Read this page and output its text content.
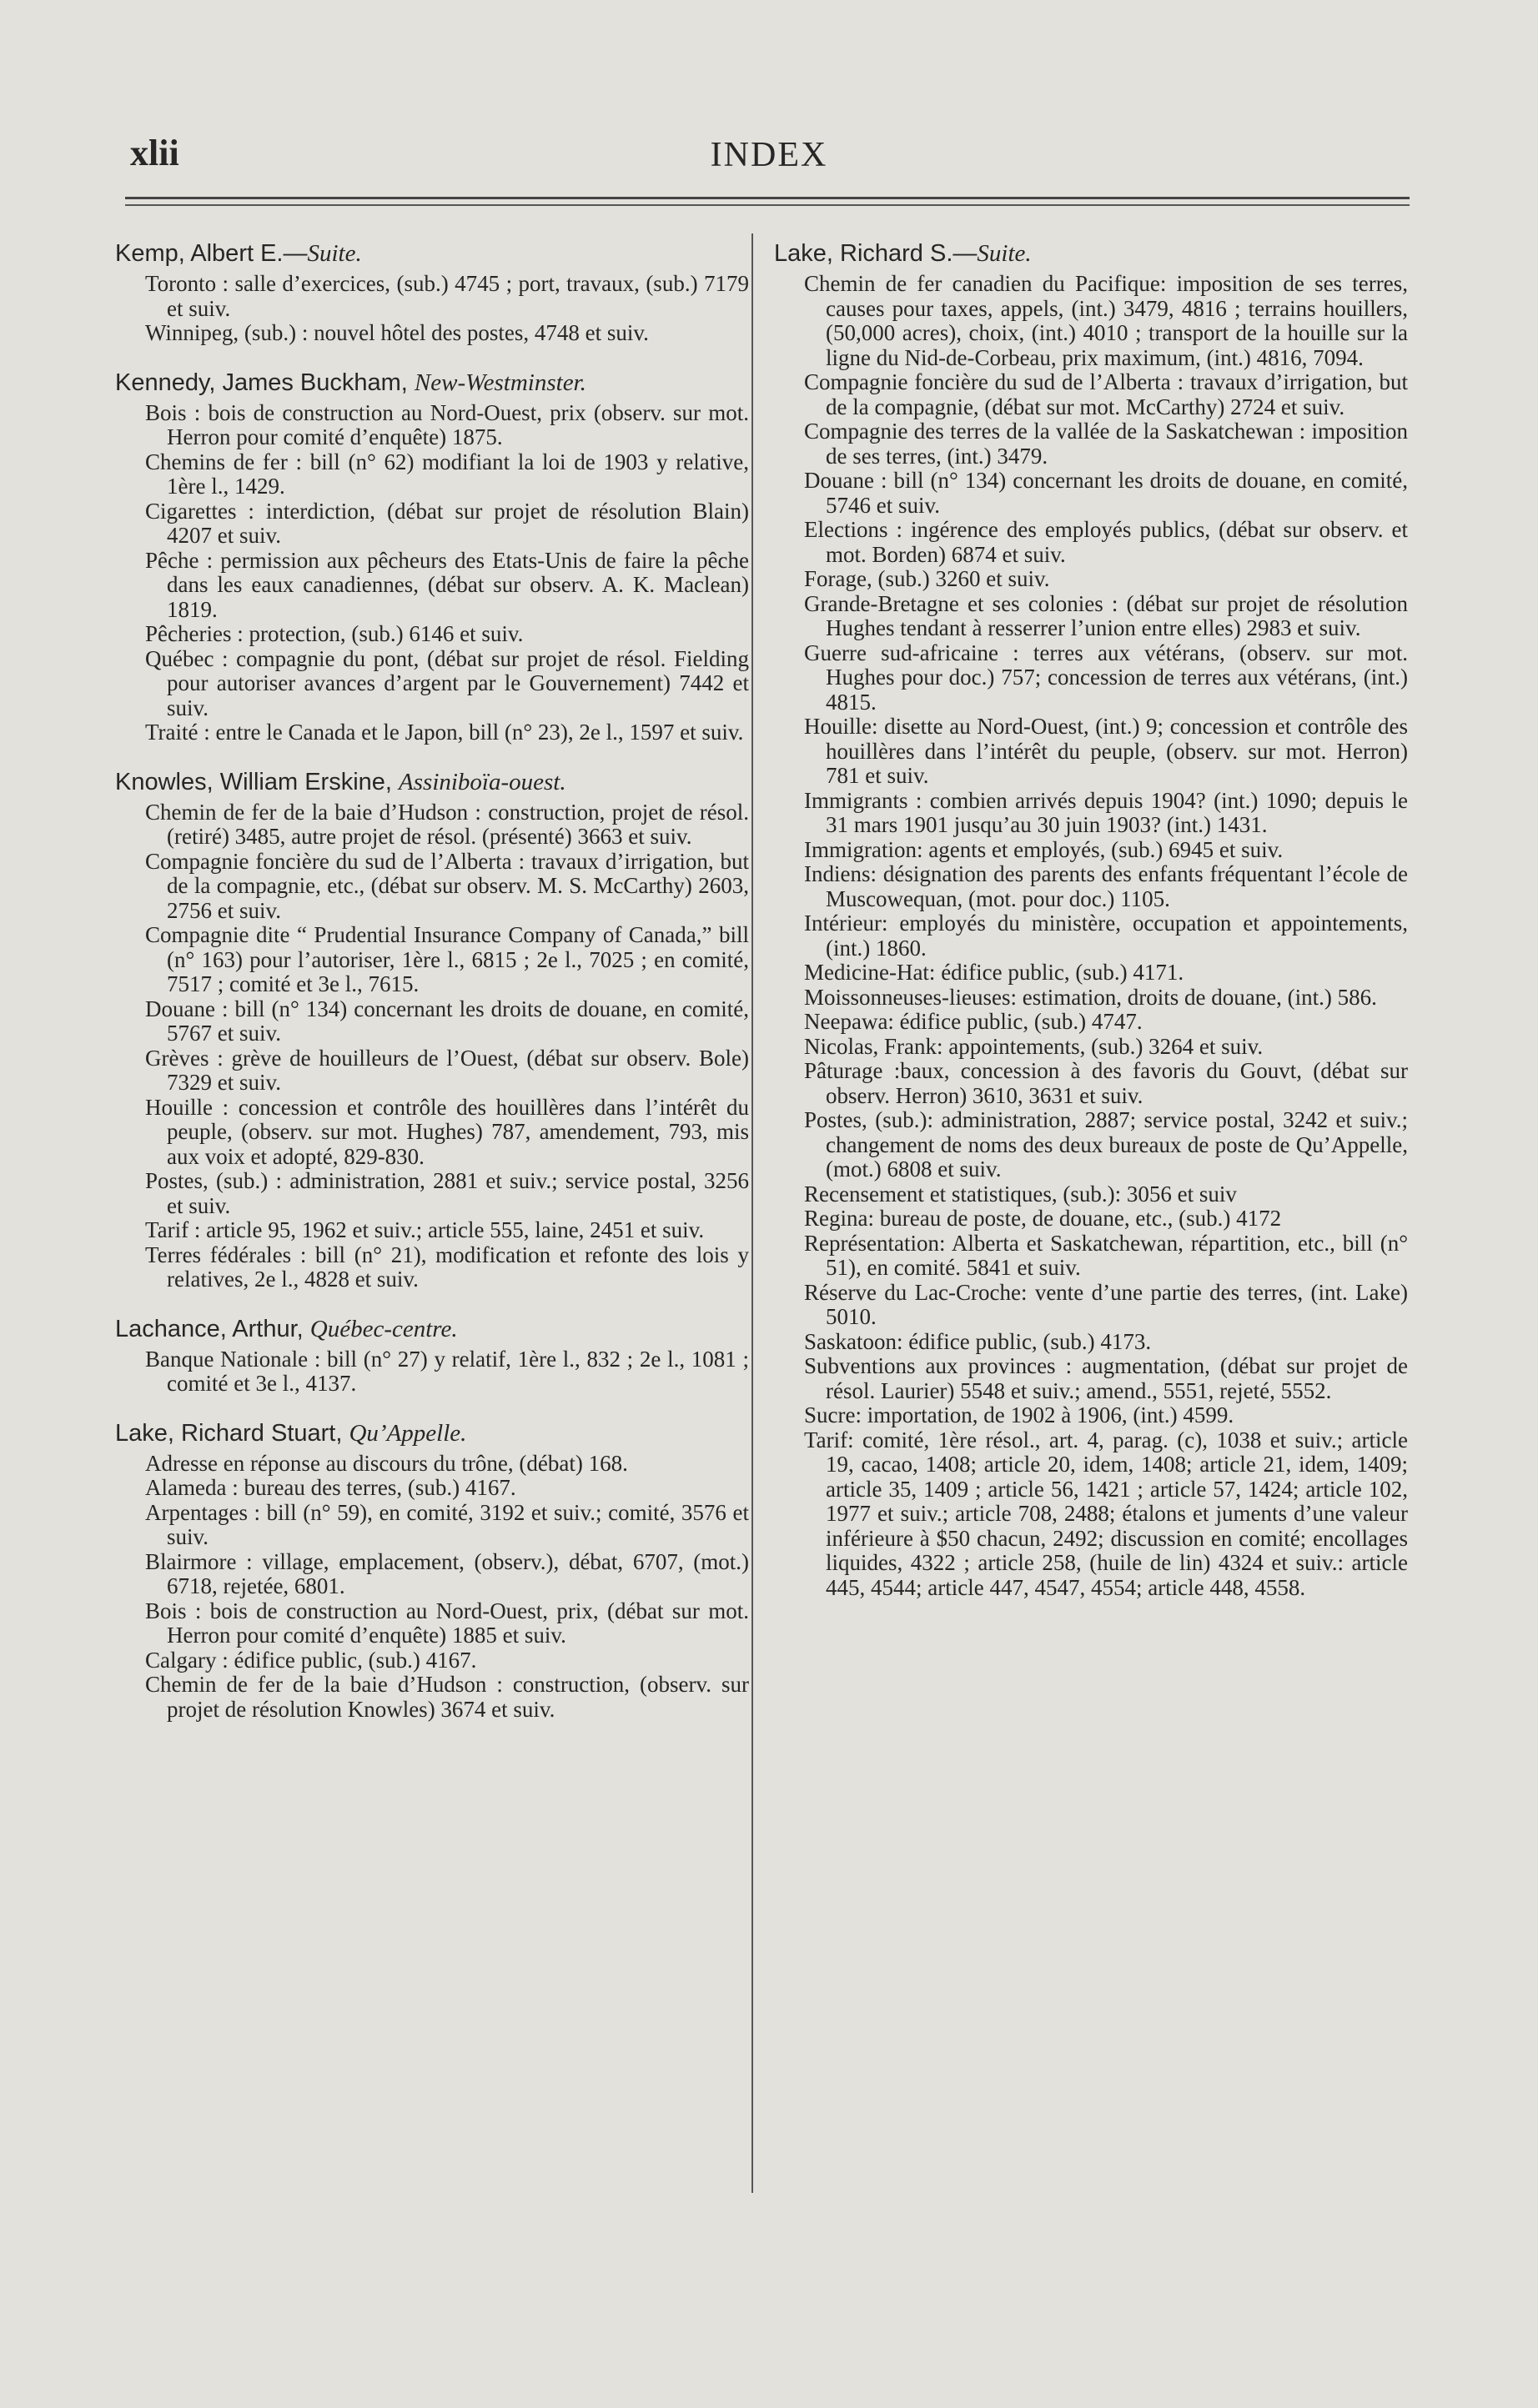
xlii	INDEX
Kemp, Albert E.—Suite.
Toronto : salle d’exercices, (sub.) 4745 ; port, travaux, (sub.) 7179 et suiv.
Winnipeg, (sub.) : nouvel hôtel des postes, 4748 et suiv.
Kennedy, James Buckham, New-Westminster.
Bois : bois de construction au Nord-Ouest, prix (observ. sur mot. Herron pour comité d’enquête) 1875.
Chemins de fer : bill (n° 62) modifiant la loi de 1903 y relative, 1ère l., 1429.
Cigarettes : interdiction, (débat sur projet de résolution Blain) 4207 et suiv.
Pêche : permission aux pêcheurs des Etats-Unis de faire la pêche dans les eaux canadiennes, (débat sur observ. A. K. Maclean) 1819.
Pêcheries : protection, (sub.) 6146 et suiv.
Québec : compagnie du pont, (débat sur projet de résol. Fielding pour autoriser avances d’argent par le Gouvernement) 7442 et suiv.
Traité : entre le Canada et le Japon, bill (n° 23), 2e l., 1597 et suiv.
Knowles, William Erskine, Assiniboïa-ouest.
Chemin de fer de la baie d’Hudson : construction, projet de résol. (retiré) 3485, autre projet de résol. (présenté) 3663 et suiv.
Compagnie foncière du sud de l’Alberta : travaux d’irrigation, but de la compagnie, etc., (débat sur observ. M. S. McCarthy) 2603, 2756 et suiv.
Compagnie dite “ Prudential Insurance Company of Canada,” bill (n° 163) pour l’autoriser, 1ère l., 6815 ; 2e l., 7025 ; en comité, 7517 ; comité et 3e l., 7615.
Douane : bill (n° 134) concernant les droits de douane, en comité, 5767 et suiv.
Grèves : grève de houilleurs de l’Ouest, (débat sur observ. Bole) 7329 et suiv.
Houille : concession et contrôle des houillères dans l’intérêt du peuple, (observ. sur mot. Hughes) 787, amendement, 793, mis aux voix et adopté, 829-830.
Postes, (sub.) : administration, 2881 et suiv.; service postal, 3256 et suiv.
Tarif : article 95, 1962 et suiv.; article 555, laine, 2451 et suiv.
Terres fédérales : bill (n° 21), modification et refonte des lois y relatives, 2e l., 4828 et suiv.
Lachance, Arthur, Québec-centre.
Banque Nationale : bill (n° 27) y relatif, 1ère l., 832 ; 2e l., 1081 ; comité et 3e l., 4137.
Lake, Richard Stuart, Qu’Appelle.
Adresse en réponse au discours du trône, (débat) 168.
Alameda : bureau des terres, (sub.) 4167.
Arpentages : bill (n° 59), en comité, 3192 et suiv.; comité, 3576 et suiv.
Blairmore : village, emplacement, (observ.), débat, 6707, (mot.) 6718, rejetée, 6801.
Bois : bois de construction au Nord-Ouest, prix, (débat sur mot. Herron pour comité d’enquête) 1885 et suiv.
Calgary : édifice public, (sub.) 4167.
Chemin de fer de la baie d’Hudson : construction, (observ. sur projet de résolution Knowles) 3674 et suiv.
Lake, Richard S.—Suite.
Chemin de fer canadien du Pacifique: imposition de ses terres, causes pour taxes, appels, (int.) 3479, 4816 ; terrains houillers, (50,000 acres), choix, (int.) 4010 ; transport de la houille sur la ligne du Nid-de-Corbeau, prix maximum, (int.) 4816, 7094.
Compagnie foncière du sud de l’Alberta : travaux d’irrigation, but de la compagnie, (débat sur mot. McCarthy) 2724 et suiv.
Compagnie des terres de la vallée de la Saskatchewan : imposition de ses terres, (int.) 3479.
Douane : bill (n° 134) concernant les droits de douane, en comité, 5746 et suiv.
Elections : ingérence des employés publics, (débat sur observ. et mot. Borden) 6874 et suiv.
Forage, (sub.) 3260 et suiv.
Grande-Bretagne et ses colonies : (débat sur projet de résolution Hughes tendant à resserrer l’union entre elles) 2983 et suiv.
Guerre sud-africaine : terres aux vétérans, (observ. sur mot. Hughes pour doc.) 757; concession de terres aux vétérans, (int.) 4815.
Houille: disette au Nord-Ouest, (int.) 9; concession et contrôle des houillères dans l’intérêt du peuple, (observ. sur mot. Herron) 781 et suiv.
Immigrants : combien arrivés depuis 1904? (int.) 1090; depuis le 31 mars 1901 jusqu’au 30 juin 1903? (int.) 1431.
Immigration: agents et employés, (sub.) 6945 et suiv.
Indiens: désignation des parents des enfants fréquentant l’école de Muscowequan, (mot. pour doc.) 1105.
Intérieur: employés du ministère, occupation et appointements, (int.) 1860.
Medicine-Hat: édifice public, (sub.) 4171.
Moissonneuses-lieuses: estimation, droits de douane, (int.) 586.
Neepawa: édifice public, (sub.) 4747.
Nicolas, Frank: appointements, (sub.) 3264 et suiv.
Pâturage :baux, concession à des favoris du Gouvt, (débat sur observ. Herron) 3610, 3631 et suiv.
Postes, (sub.): administration, 2887; service postal, 3242 et suiv.; changement de noms des deux bureaux de poste de Qu’Appelle, (mot.) 6808 et suiv.
Recensement et statistiques, (sub.): 3056 et suiv
Regina: bureau de poste, de douane, etc., (sub.) 4172
Représentation: Alberta et Saskatchewan, répartition, etc., bill (n° 51), en comité. 5841 et suiv.
Réserve du Lac-Croche: vente d’une partie des terres, (int. Lake) 5010.
Saskatoon: édifice public, (sub.) 4173.
Subventions aux provinces : augmentation, (débat sur projet de résol. Laurier) 5548 et suiv.; amend., 5551, rejeté, 5552.
Sucre: importation, de 1902 à 1906, (int.) 4599.
Tarif: comité, 1ère résol., art. 4, parag. (c), 1038 et suiv.; article 19, cacao, 1408; article 20, idem, 1408; article 21, idem, 1409; article 35, 1409 ; article 56, 1421 ; article 57, 1424; article 102, 1977 et suiv.; article 708, 2488; étalons et juments d’une valeur inférieure à $50 chacun, 2492; discussion en comité; encollages liquides, 4322 ; article 258, (huile de lin) 4324 et suiv.: article 445, 4544; article 447, 4547, 4554; article 448, 4558.
